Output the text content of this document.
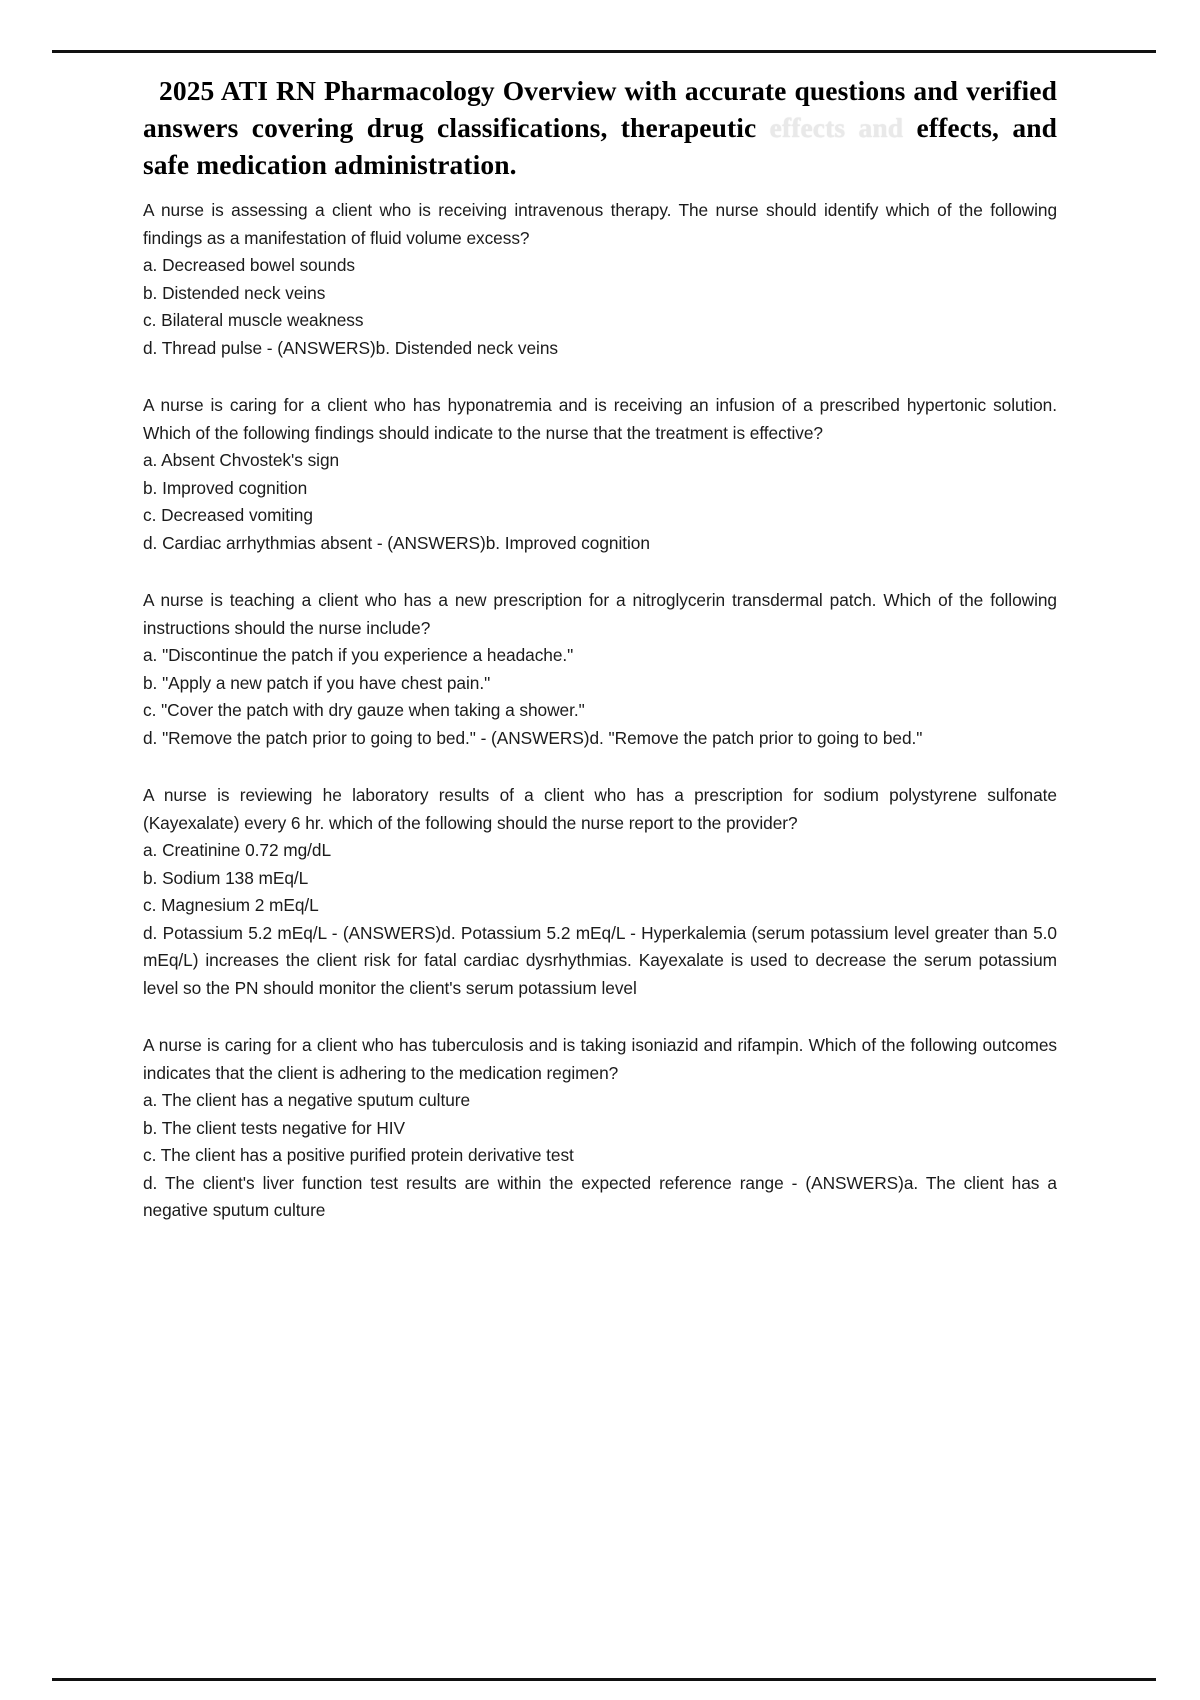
2025 ATI RN Pharmacology Overview with accurate questions and verified answers covering drug classifications, therapeutic effects and effects, and safe medication administration.

A nurse is assessing a client who is receiving intravenous therapy. The nurse should identify which of the following findings as a manifestation of fluid volume excess?

a. Decreased bowel sounds

b. Distended neck veins

c. Bilateral muscle weakness

d. Thread pulse - (ANSWERS)b. Distended neck veins

A nurse is caring for a client who has hyponatremia and is receiving an infusion of a prescribed hypertonic solution. Which of the following findings should indicate to the nurse that the treatment is effective?

a. Absent Chvostek's sign

b. Improved cognition

c. Decreased vomiting

d. Cardiac arrhythmias absent - (ANSWERS)b. Improved cognition

A nurse is teaching a client who has a new prescription for a nitroglycerin transdermal patch. Which of the following instructions should the nurse include?

a. "Discontinue the patch if you experience a headache."

b. "Apply a new patch if you have chest pain."

c. "Cover the patch with dry gauze when taking a shower."

d. "Remove the patch prior to going to bed." - (ANSWERS)d. "Remove the patch prior to going to bed."

A nurse is reviewing he laboratory results of a client who has a prescription for sodium polystyrene sulfonate (Kayexalate) every 6 hr. which of the following should the nurse report to the provider?

a. Creatinine 0.72 mg/dL

b. Sodium 138 mEq/L

c. Magnesium 2 mEq/L

d. Potassium 5.2 mEq/L - (ANSWERS)d. Potassium 5.2 mEq/L - Hyperkalemia (serum potassium level greater than 5.0 mEq/L) increases the client risk for fatal cardiac dysrhythmias. Kayexalate is used to decrease the serum potassium level so the PN should monitor the client's serum potassium level

A nurse is caring for a client who has tuberculosis and is taking isoniazid and rifampin. Which of the following outcomes indicates that the client is adhering to the medication regimen?

a. The client has a negative sputum culture

b. The client tests negative for HIV

c. The client has a positive purified protein derivative test

d. The client's liver function test results are within the expected reference range - (ANSWERS)a. The client has a negative sputum culture
